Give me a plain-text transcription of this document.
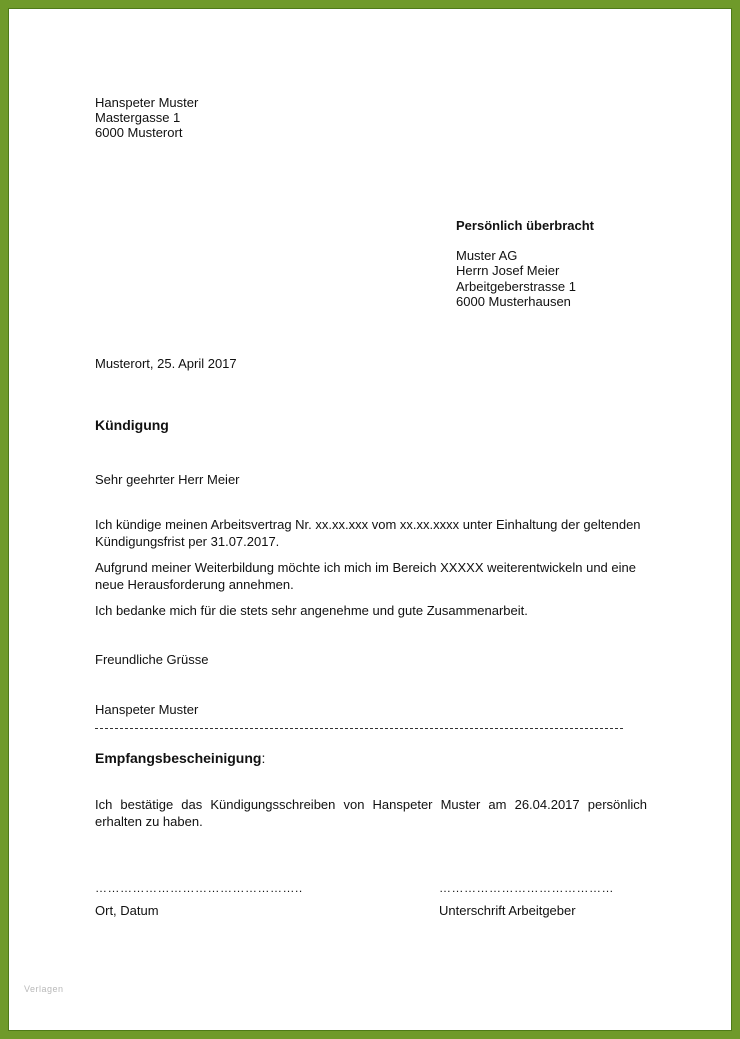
Hanspeter Muster
Mastergasse 1
6000 Musterort
Persönlich überbracht
Muster AG
Herrn Josef Meier
Arbeitgeberstrasse 1
6000 Musterhausen
Musterort, 25. April 2017
Kündigung
Sehr geehrter Herr Meier
Ich kündige meinen Arbeitsvertrag Nr. xx.xx.xxx vom xx.xx.xxxx unter Einhaltung der geltenden Kündigungsfrist per 31.07.2017.
Aufgrund meiner Weiterbildung möchte ich mich im Bereich XXXXX weiterentwickeln und eine neue Herausforderung annehmen.
Ich bedanke mich für die stets sehr angenehme und gute Zusammenarbeit.
Freundliche Grüsse
Hanspeter Muster
Empfangsbescheinigung:
Ich bestätige das Kündigungsschreiben von Hanspeter Muster am 26.04.2017 persönlich erhalten zu haben.
…………………………………………..	……………………………………
Ort, Datum	Unterschrift Arbeitgeber
Verlagen
